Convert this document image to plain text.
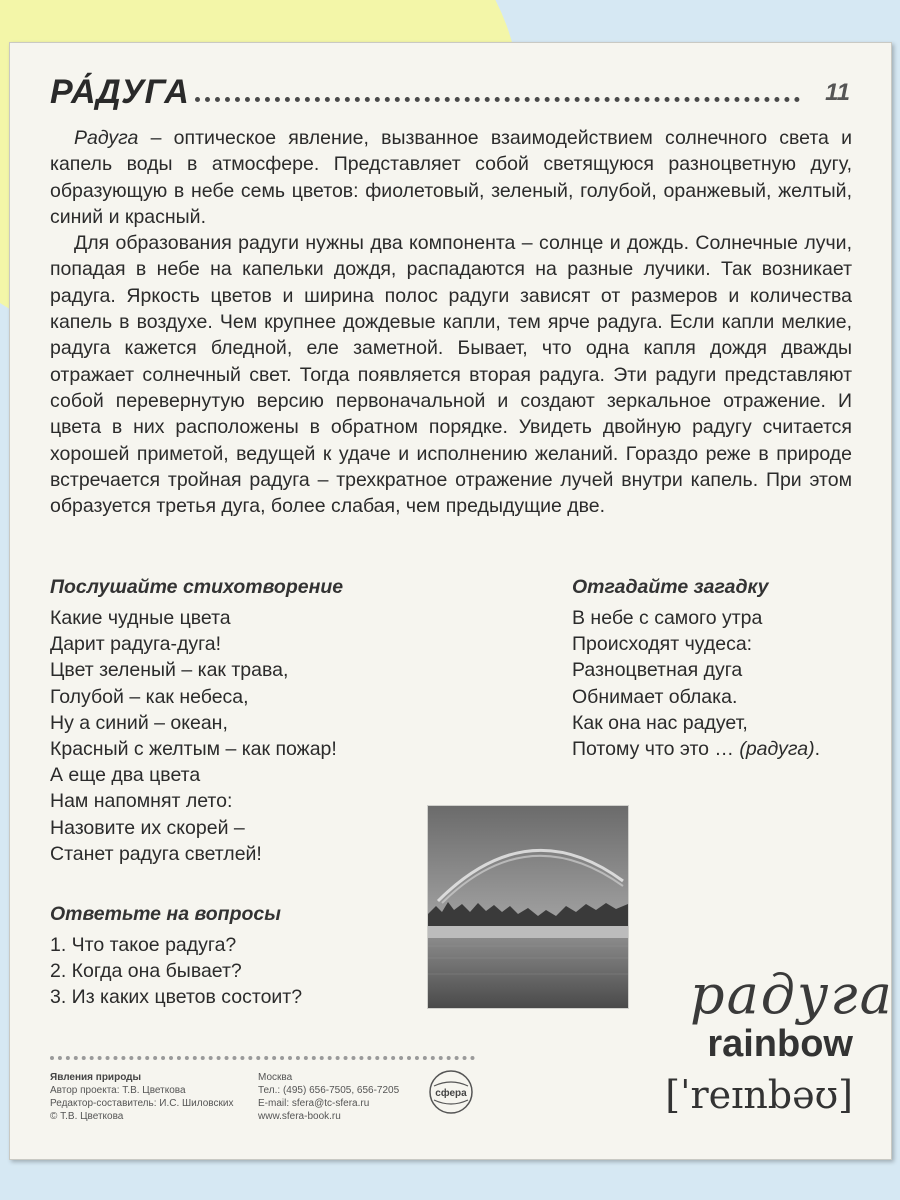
РА́ДУГА	11

Радуга – оптическое явление, вызванное взаимодействием солнечного света и капель воды в атмосфере. Представляет собой светящуюся разноцветную дугу, образующую в небе семь цветов: фиолетовый, зеленый, голубой, оранжевый, желтый, синий и красный.

Для образования радуги нужны два компонента – солнце и дождь. Солнечные лучи, попадая в небе на капельки дождя, распадаются на разные лучики. Так возникает радуга. Яркость цветов и ширина полос радуги зависят от размеров и количества капель в воздухе. Чем крупнее дождевые капли, тем ярче радуга. Если капли мелкие, радуга кажется бледной, еле заметной. Бывает, что одна капля дождя дважды отражает солнечный свет. Тогда появляется вторая радуга. Эти радуги представляют собой перевернутую версию первоначальной и создают зеркальное отражение. И цвета в них расположены в обратном порядке. Увидеть двойную радугу считается хорошей приметой, ведущей к удаче и исполнению желаний. Гораздо реже в природе встречается тройная радуга – трехкратное отражение лучей внутри капель. При этом образуется третья дуга, более слабая, чем предыдущие две.

Послушайте стихотворение
Какие чудные цвета
Дарит радуга-дуга!
Цвет зеленый – как трава,
Голубой – как небеса,
Ну а синий – океан,
Красный с желтым – как пожар!
А еще два цвета
Нам напомнят лето:
Назовите их скорей –
Станет радуга светлей!
Отгадайте загадку
В небе с самого утра
Происходят чудеса:
Разноцветная дуга
Обнимает облака.
Как она нас радует,
Потому что это … (радуга).
Ответьте на вопросы
1. Что такое радуга?
2. Когда она бывает?
3. Из каких цветов состоит?	радуга
rainbow
[ˈreɪnbəʊ]
Явления природы
Автор проекта: Т.В. Цветкова
Редактор-составитель: И.С. Шиловских
© Т.В. Цветкова
Москва
Тел.: (495) 656-7505, 656-7205
E-mail: sfera@tc-sfera.ru
www.sfera-book.ru
сфера
